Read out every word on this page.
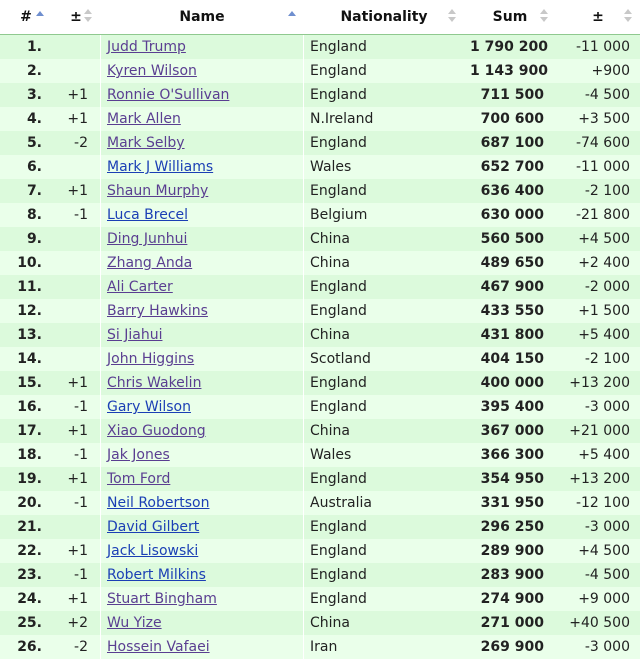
#	±	Name	Nationality	Sum	±

1.		Judd Trump	England	1 790 200	-11 000
2.		Kyren Wilson	England	1 143 900	+900
3.	+1	Ronnie O'Sullivan	England	711 500	-4 500
4.	+1	Mark Allen	N.Ireland	700 600	+3 500
5.	-2	Mark Selby	England	687 100	-74 600
6.		Mark J Williams	Wales	652 700	-11 000
7.	+1	Shaun Murphy	England	636 400	-2 100
8.	-1	Luca Brecel	Belgium	630 000	-21 800
9.		Ding Junhui	China	560 500	+4 500
10.		Zhang Anda	China	489 650	+2 400
11.		Ali Carter	England	467 900	-2 000
12.		Barry Hawkins	England	433 550	+1 500
13.		Si Jiahui	China	431 800	+5 400
14.		John Higgins	Scotland	404 150	-2 100
15.	+1	Chris Wakelin	England	400 000	+13 200
16.	-1	Gary Wilson	England	395 400	-3 000
17.	+1	Xiao Guodong	China	367 000	+21 000
18.	-1	Jak Jones	Wales	366 300	+5 400
19.	+1	Tom Ford	England	354 950	+13 200
20.	-1	Neil Robertson	Australia	331 950	-12 100
21.		David Gilbert	England	296 250	-3 000
22.	+1	Jack Lisowski	England	289 900	+4 500
23.	-1	Robert Milkins	England	283 900	-4 500
24.	+1	Stuart Bingham	England	274 900	+9 000
25.	+2	Wu Yize	China	271 000	+40 500
26.	-2	Hossein Vafaei	Iran	269 900	-3 000
